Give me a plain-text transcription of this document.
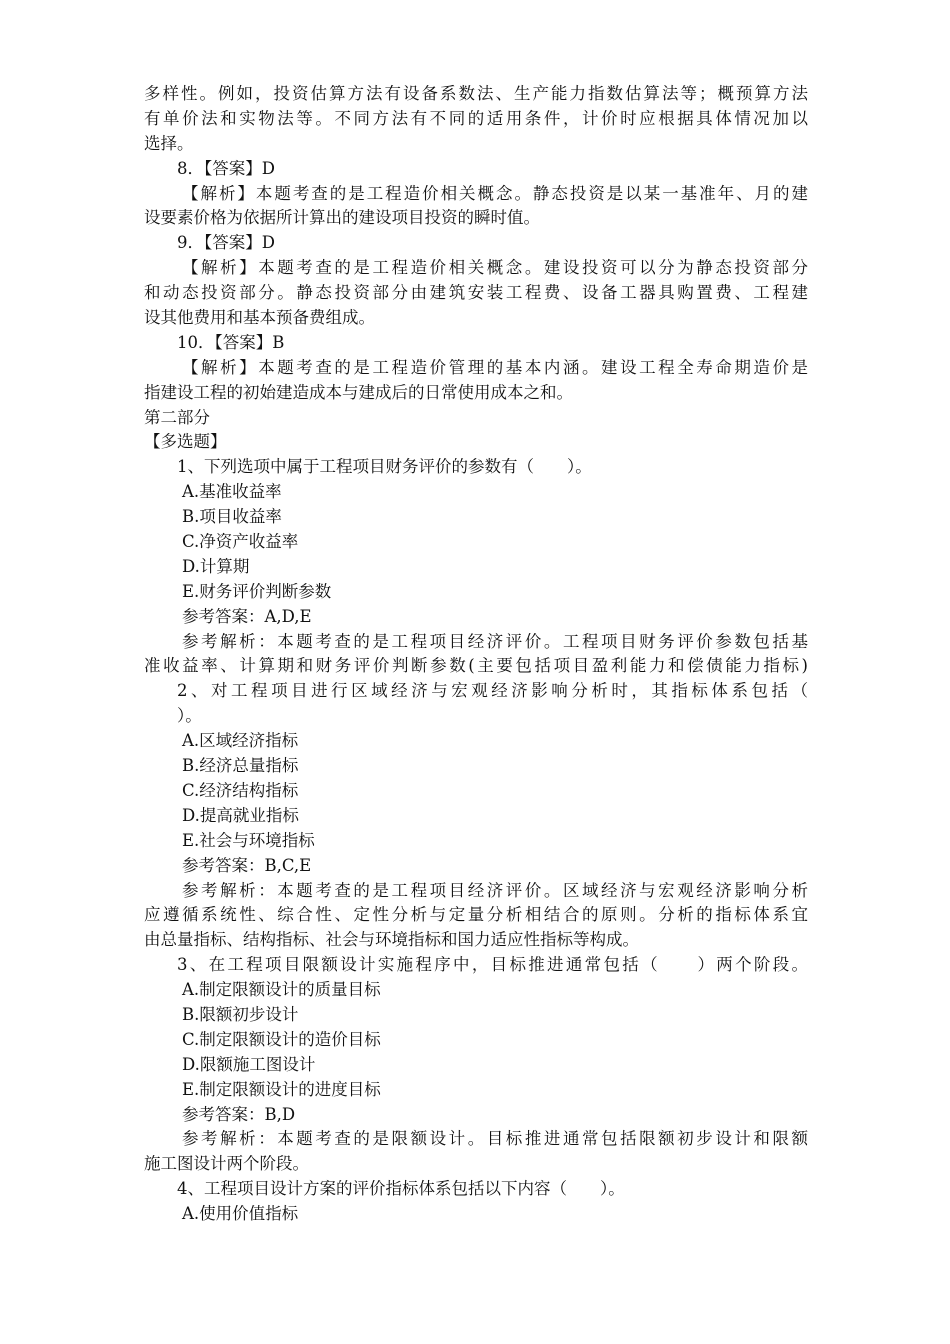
多样性。例如，投资估算方法有设备系数法、生产能力指数估算法等；概预算方法
有单价法和实物法等。不同方法有不同的适用条件，计价时应根据具体情况加以
选择。
8．【答案】D
【解析】本题考查的是工程造价相关概念。静态投资是以某一基准年、月的建
设要素价格为依据所计算出的建设项目投资的瞬时值。
9．【答案】D
【解析】本题考查的是工程造价相关概念。建设投资可以分为静态投资部分
和动态投资部分。静态投资部分由建筑安装工程费、设备工器具购置费、工程建
设其他费用和基本预备费组成。
10．【答案】B
【解析】本题考查的是工程造价管理的基本内涵。建设工程全寿命期造价是
指建设工程的初始建造成本与建成后的日常使用成本之和。
第二部分
【多选题】
1、下列选项中属于工程项目财务评价的参数有（　　）。
A.基准收益率
B.项目收益率
C.净资产收益率
D.计算期
E.财务评价判断参数
参考答案：A,D,E
参考解析：本题考查的是工程项目经济评价。工程项目财务评价参数包括基
准收益率、计算期和财务评价判断参数(主要包括项目盈利能力和偿债能力指标)
2、对工程项目进行区域经济与宏观经济影响分析时，其指标体系包括（
）。
A.区域经济指标
B.经济总量指标
C.经济结构指标
D.提高就业指标
E.社会与环境指标
参考答案：B,C,E
参考解析：本题考查的是工程项目经济评价。区域经济与宏观经济影响分析
应遵循系统性、综合性、定性分析与定量分析相结合的原则。分析的指标体系宜
由总量指标、结构指标、社会与环境指标和国力适应性指标等构成。
3、在工程项目限额设计实施程序中，目标推进通常包括（　　）两个阶段。
A.制定限额设计的质量目标
B.限额初步设计
C.制定限额设计的造价目标
D.限额施工图设计
E.制定限额设计的进度目标
参考答案：B,D
参考解析：本题考查的是限额设计。目标推进通常包括限额初步设计和限额
施工图设计两个阶段。
4、工程项目设计方案的评价指标体系包括以下内容（　　）。
A.使用价值指标
